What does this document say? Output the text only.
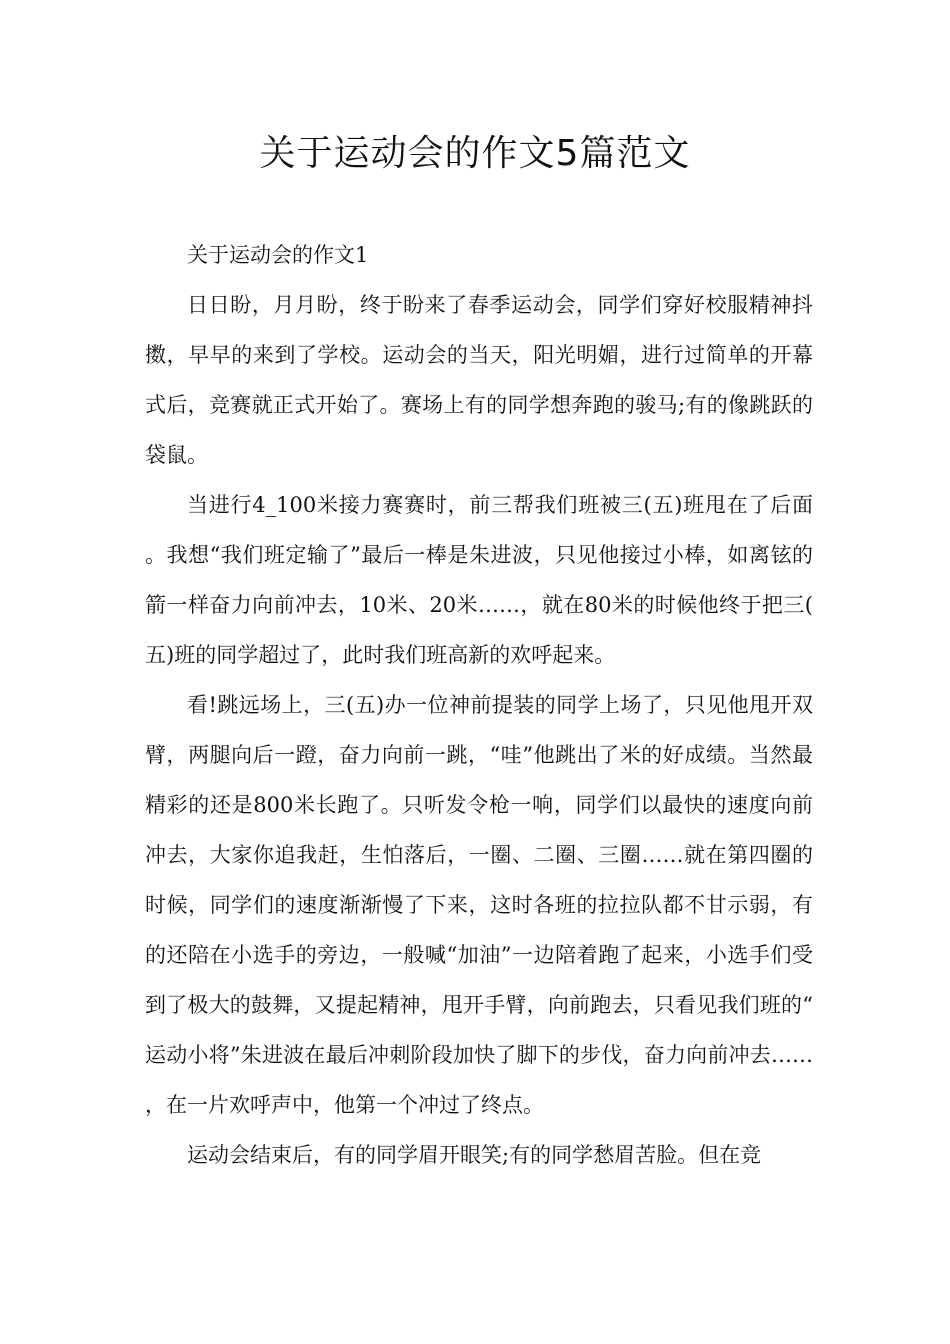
关于运动会的作文5篇范文

关于运动会的作文1

日日盼，月月盼，终于盼来了春季运动会，同学们穿好校服精神抖擞，早早的来到了学校。运动会的当天，阳光明媚，进行过简单的开幕式后，竞赛就正式开始了。赛场上有的同学想奔跑的骏马;有的像跳跃的袋鼠。

当进行4_100米接力赛赛时，前三帮我们班被三(五)班甩在了后面。我想“我们班定输了”最后一棒是朱进波，只见他接过小棒，如离铉的箭一样奋力向前冲去，10米、20米……，就在80米的时候他终于把三(五)班的同学超过了，此时我们班高新的欢呼起来。

看!跳远场上，三(五)办一位神前提装的同学上场了，只见他甩开双臂，两腿向后一蹬，奋力向前一跳，“哇”他跳出了米的好成绩。当然最精彩的还是800米长跑了。只听发令枪一响，同学们以最快的速度向前冲去，大家你追我赶，生怕落后，一圈、二圈、三圈……就在第四圈的时候，同学们的速度渐渐慢了下来，这时各班的拉拉队都不甘示弱，有的还陪在小选手的旁边，一般喊“加油”一边陪着跑了起来，小选手们受到了极大的鼓舞，又提起精神，甩开手臂，向前跑去，只看见我们班的“运动小将”朱进波在最后冲刺阶段加快了脚下的步伐，奋力向前冲去……，在一片欢呼声中，他第一个冲过了终点。

运动会结束后，有的同学眉开眼笑;有的同学愁眉苦脸。但在竞
